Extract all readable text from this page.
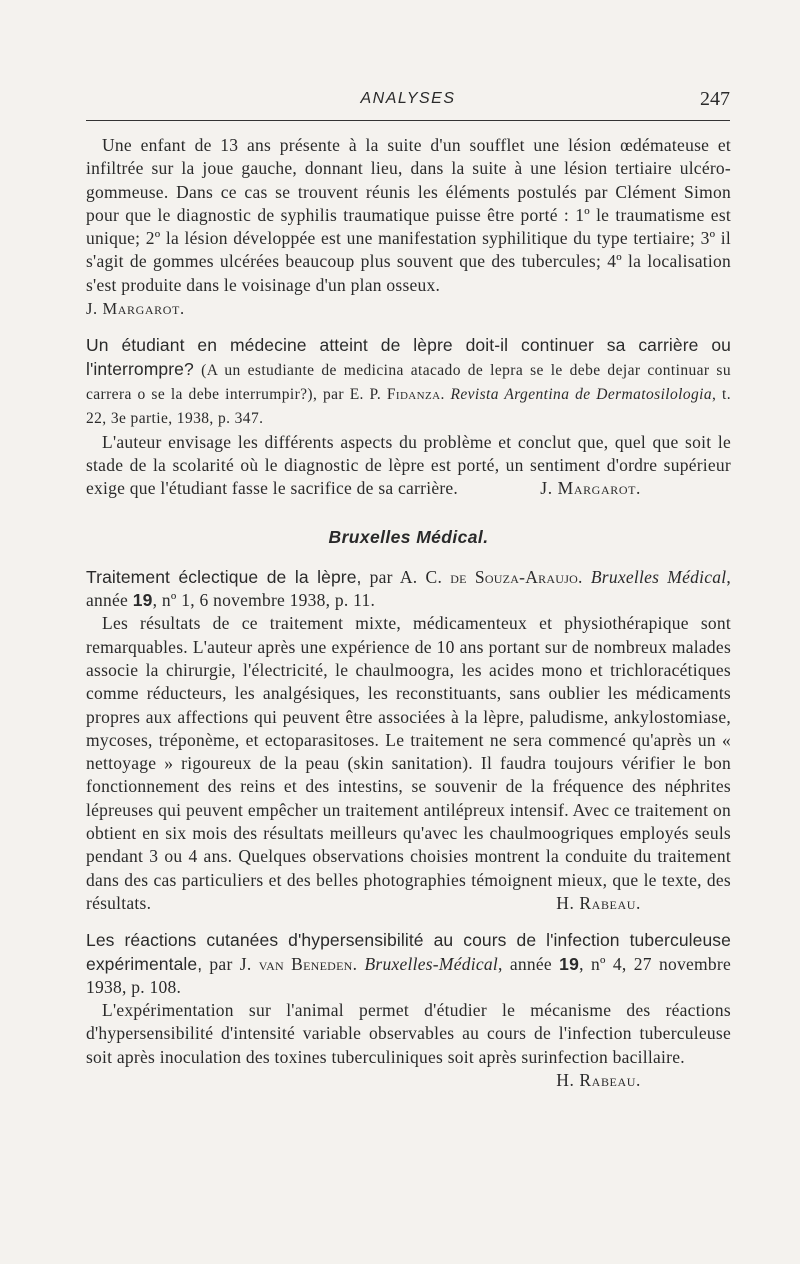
ANALYSES	247

Une enfant de 13 ans présente à la suite d'un soufflet une lésion œdémateuse et infiltrée sur la joue gauche, donnant lieu, dans la suite à une lésion tertiaire ulcéro-gommeuse. Dans ce cas se trouvent réunis les éléments postulés par Clément Simon pour que le diagnostic de syphilis traumatique puisse être porté : 1º le traumatisme est unique; 2º la lésion développée est une manifestation syphilitique du type tertiaire; 3º il s'agit de gommes ulcérées beaucoup plus souvent que des tubercules; 4º la localisation s'est produite dans le voisinage d'un plan osseux.

J. Margarot.

Un étudiant en médecine atteint de lèpre doit-il continuer sa carrière ou l'interrompre? (A un estudiante de medicina atacado de lepra se le debe dejar continuar su carrera o se la debe interrumpir?), par E. P. Fidanza. Revista Argentina de Dermatosilologia, t. 22, 3e partie, 1938, p. 347.

L'auteur envisage les différents aspects du problème et conclut que, quel que soit le stade de la scolarité où le diagnostic de lèpre est porté, un sentiment d'ordre supérieur exige que l'étudiant fasse le sacrifice de sa carrière.	J. Margarot.

Bruxelles Médical.

Traitement éclectique de la lèpre, par A. C. de Souza-Araujo. Bruxelles Médical, année 19, nº 1, 6 novembre 1938, p. 11.

Les résultats de ce traitement mixte, médicamenteux et physiothérapique sont remarquables. L'auteur après une expérience de 10 ans portant sur de nombreux malades associe la chirurgie, l'électricité, le chaulmoogra, les acides mono et trichloracétiques comme réducteurs, les analgésiques, les reconstituants, sans oublier les médicaments propres aux affections qui peuvent être associées à la lèpre, paludisme, ankylostomiase, mycoses, tréponème, et ectoparasitoses. Le traitement ne sera commencé qu'après un « nettoyage » rigoureux de la peau (skin sanitation). Il faudra toujours vérifier le bon fonctionnement des reins et des intestins, se souvenir de la fréquence des néphrites lépreuses qui peuvent empêcher un traitement antilépreux intensif. Avec ce traitement on obtient en six mois des résultats meilleurs qu'avec les chaulmoogriques employés seuls pendant 3 ou 4 ans. Quelques observations choisies montrent la conduite du traitement dans des cas particuliers et des belles photographies témoignent mieux, que le texte, des résultats.	H. Rabeau.

Les réactions cutanées d'hypersensibilité au cours de l'infection tuberculeuse expérimentale, par J. van Beneden. Bruxelles-Médical, année 19, nº 4, 27 novembre 1938, p. 108.

L'expérimentation sur l'animal permet d'étudier le mécanisme des réactions d'hypersensibilité d'intensité variable observables au cours de l'infection tuberculeuse soit après inoculation des toxines tuberculiniques soit après surinfection bacillaire.
H. Rabeau.
